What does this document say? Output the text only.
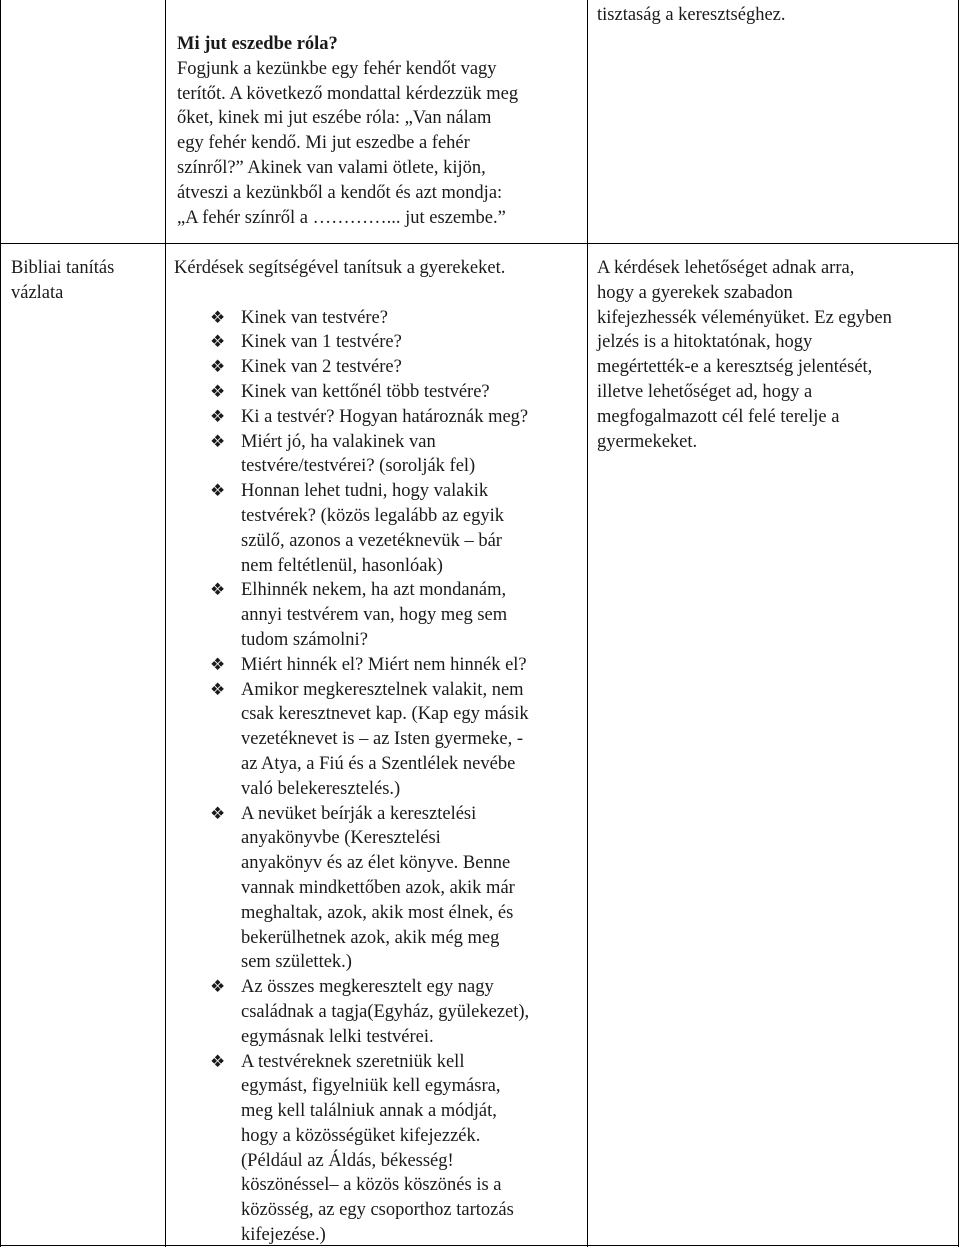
Mi jut eszedbe róla?
Fogjunk a kezünkbe egy fehér kendőt vagy
terítőt. A következő mondattal kérdezzük meg
őket, kinek mi jut eszébe róla: „Van nálam
egy fehér kendő. Mi jut eszedbe a fehér
színről?” Akinek van valami ötlete, kijön,
átveszi a kezünkből a kendőt és azt mondja:
„A fehér színről a …………... jut eszembe.”
tisztaság a keresztséghez.
Bibliai tanítás
vázlata
Kérdések segítségével tanítsuk a gyerekeket.
❖ Kinek van testvére?
❖ Kinek van 1 testvére?
❖ Kinek van 2 testvére?
❖ Kinek van kettőnél több testvére?
❖ Ki a testvér? Hogyan határoznák meg?
❖ Miért jó, ha valakinek van
testvére/testvérei? (sorolják fel)
❖ Honnan lehet tudni, hogy valakik
testvérek? (közös legalább az egyik
szülő, azonos a vezetéknevük – bár
nem feltétlenül, hasonlóak)
❖ Elhinnék nekem, ha azt mondanám,
annyi testvérem van, hogy meg sem
tudom számolni?
❖ Miért hinnék el? Miért nem hinnék el?
❖ Amikor megkeresztelnek valakit, nem
csak keresztnevet kap. (Kap egy másik
vezetéknevet is – az Isten gyermeke, -
az Atya, a Fiú és a Szentlélek nevébe
való belekeresztelés.)
❖ A nevüket beírják a keresztelési
anyakönyvbe (Keresztelési
anyakönyv és az élet könyve. Benne
vannak mindkettőben azok, akik már
meghaltak, azok, akik most élnek, és
bekerülhetnek azok, akik még meg
sem születtek.)
❖ Az összes megkeresztelt egy nagy
családnak a tagja(Egyház, gyülekezet),
egymásnak lelki testvérei.
❖ A testvéreknek szeretniük kell
egymást, figyelniük kell egymásra,
meg kell találniuk annak a módját,
hogy a közösségüket kifejezzék.
(Például az Áldás, békesség!
köszönéssel– a közös köszönés is a
közösség, az egy csoporthoz tartozás
kifejezése.)
A kérdések lehetőséget adnak arra,
hogy a gyerekek szabadon
kifejezhessék véleményüket. Ez egyben
jelzés is a hitoktatónak, hogy
megértették-e a keresztség jelentését,
illetve lehetőséget ad, hogy a
megfogalmazott cél felé terelje a
gyermekeket.
